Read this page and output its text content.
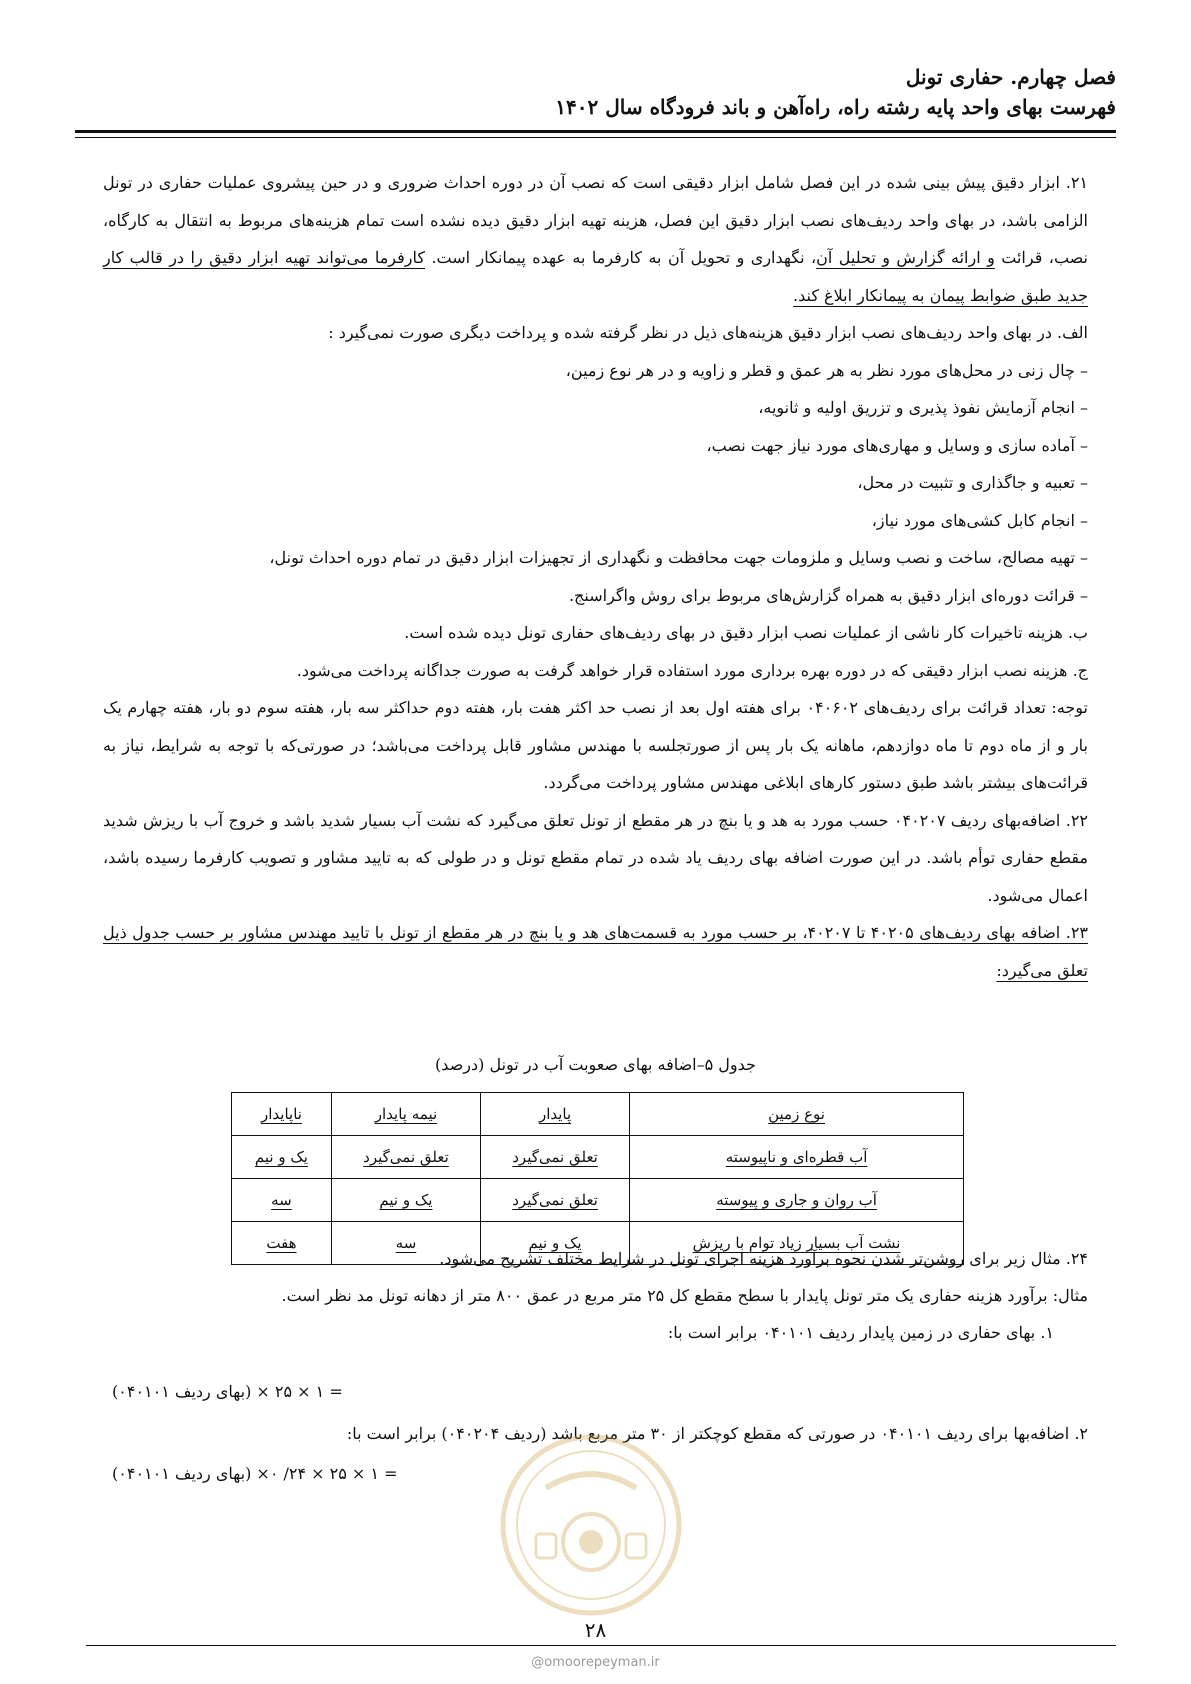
فصل چهارم. حفاری تونل
فهرست بهای واحد پایه رشته راه، راه‌آهن و باند فرودگاه سال ۱۴۰۲

۲۱. ابزار دقیق پیش بینی شده در این فصل شامل ابزار دقیقی است که نصب آن در دوره احداث ضروری و در حین پیشروی عملیات حفاری در تونل الزامی باشد، در بهای واحد ردیف‌های نصب ابزار دقیق این فصل، هزینه تهیه ابزار دقیق دیده نشده است تمام هزینه‌های مربوط به انتقال به کارگاه، نصب، قرائت و ارائه گزارش و تحلیل آن، نگهداری و تحویل آن به کارفرما به عهده پیمانکار است. کارفرما می‌تواند تهیه ابزار دقیق را در قالب کار جدید طبق ضوابط پیمان به پیمانکار ابلاغ کند.

الف. در بهای واحد ردیف‌های نصب ابزار دقیق هزینه‌های ذیل در نظر گرفته شده و پرداخت دیگری صورت نمی‌گیرد :

– چال زنی در محل‌های مورد نظر به هر عمق و قطر و زاویه و در هر نوع زمین،

– انجام آزمایش نفوذ پذیری و تزریق اولیه و ثانویه،

– آماده سازی و وسایل و مهاری‌های مورد نیاز جهت نصب،

– تعبیه و جاگذاری و تثبیت در محل،

– انجام کابل کشی‌های مورد نیاز،

– تهیه مصالح، ساخت و نصب وسایل و ملزومات جهت محافظت و نگهداری از تجهیزات ابزار دقیق در تمام دوره احداث تونل،

– قرائت دوره‌ای ابزار دقیق به همراه گزارش‌های مربوط برای روش واگراسنج.

ب. هزینه تاخیرات کار ناشی از عملیات نصب ابزار دقیق در بهای ردیف‌های حفاری تونل دیده شده است.

ج. هزینه نصب ابزار دقیقی که در دوره بهره برداری مورد استفاده قرار خواهد گرفت به صورت جداگانه پرداخت می‌شود.

توجه: تعداد قرائت برای ردیف‌های ۰۴۰۶۰۲ برای هفته اول بعد از نصب حد اکثر هفت بار، هفته دوم حداکثر سه بار، هفته سوم دو بار، هفته چهارم یک بار و از ماه دوم تا ماه دوازدهم، ماهانه یک بار پس از صورتجلسه با مهندس مشاور قابل پرداخت می‌باشد؛ در صورتی‌که با توجه به شرایط، نیاز به قرائت‌های بیشتر باشد طبق دستور کارهای ابلاغی مهندس مشاور پرداخت می‌گردد.

۲۲. اضافه‌بهای ردیف ۰۴۰۲۰۷ حسب مورد به هد و یا بنچ در هر مقطع از تونل تعلق می‌گیرد که نشت آب بسیار شدید باشد و خروج آب با ریزش شدید مقطع حفاری توأم باشد. در این صورت اضافه بهای ردیف یاد شده در تمام مقطع تونل و در طولی که به تایید مشاور و تصویب کارفرما رسیده باشد، اعمال می‌شود.

۲۳. اضافه بهای ردیف‌های ۴۰۲۰۵ تا ۴۰۲۰۷، بر حسب مورد به قسمت‌های هد و یا بنچ در هر مقطع از تونل با تایید مهندس مشاور بر حسب جدول ذیل تعلق می‌گیرد:

جدول ۵–اضافه بهای صعوبت آب در تونل (درصد)
نوع زمین	پایدار	نیمه پایدار	ناپایدار
آب قطره‌ای و ناپیوسته	تعلق نمی‌گیرد	تعلق نمی‌گیرد	یک و نیم
آب روان و جاری و پیوسته	تعلق نمی‌گیرد	یک و نیم	سه
نشت آب بسیار زیاد توام با ریزش	یک و نیم	سه	هفت

۲۴. مثال زیر برای روشن‌تر شدن نحوه برآورد هزینه اجرای تونل در شرایط مختلف تشریح می‌شود.

مثال: برآورد هزینه حفاری یک متر تونل پایدار با سطح مقطع کل ۲۵ متر مربع در عمق ۸۰۰ متر از دهانه تونل مد نظر است.

۱. بهای حفاری در زمین پایدار ردیف ۰۴۰۱۰۱ برابر است با:

= ۱ × ۲۵ × (بهای ردیف ۰۴۰۱۰۱)
۲. اضافه‌بها برای ردیف ۰۴۰۱۰۱ در صورتی که مقطع کوچکتر از ۳۰ متر مربع باشد (ردیف ۰۴۰۲۰۴) برابر است با:
= ۱ × ۲۵ × ۲۴/ ۰× (بهای ردیف ۰۴۰۱۰۱)
۲۸
@omoorepeyman.ir
